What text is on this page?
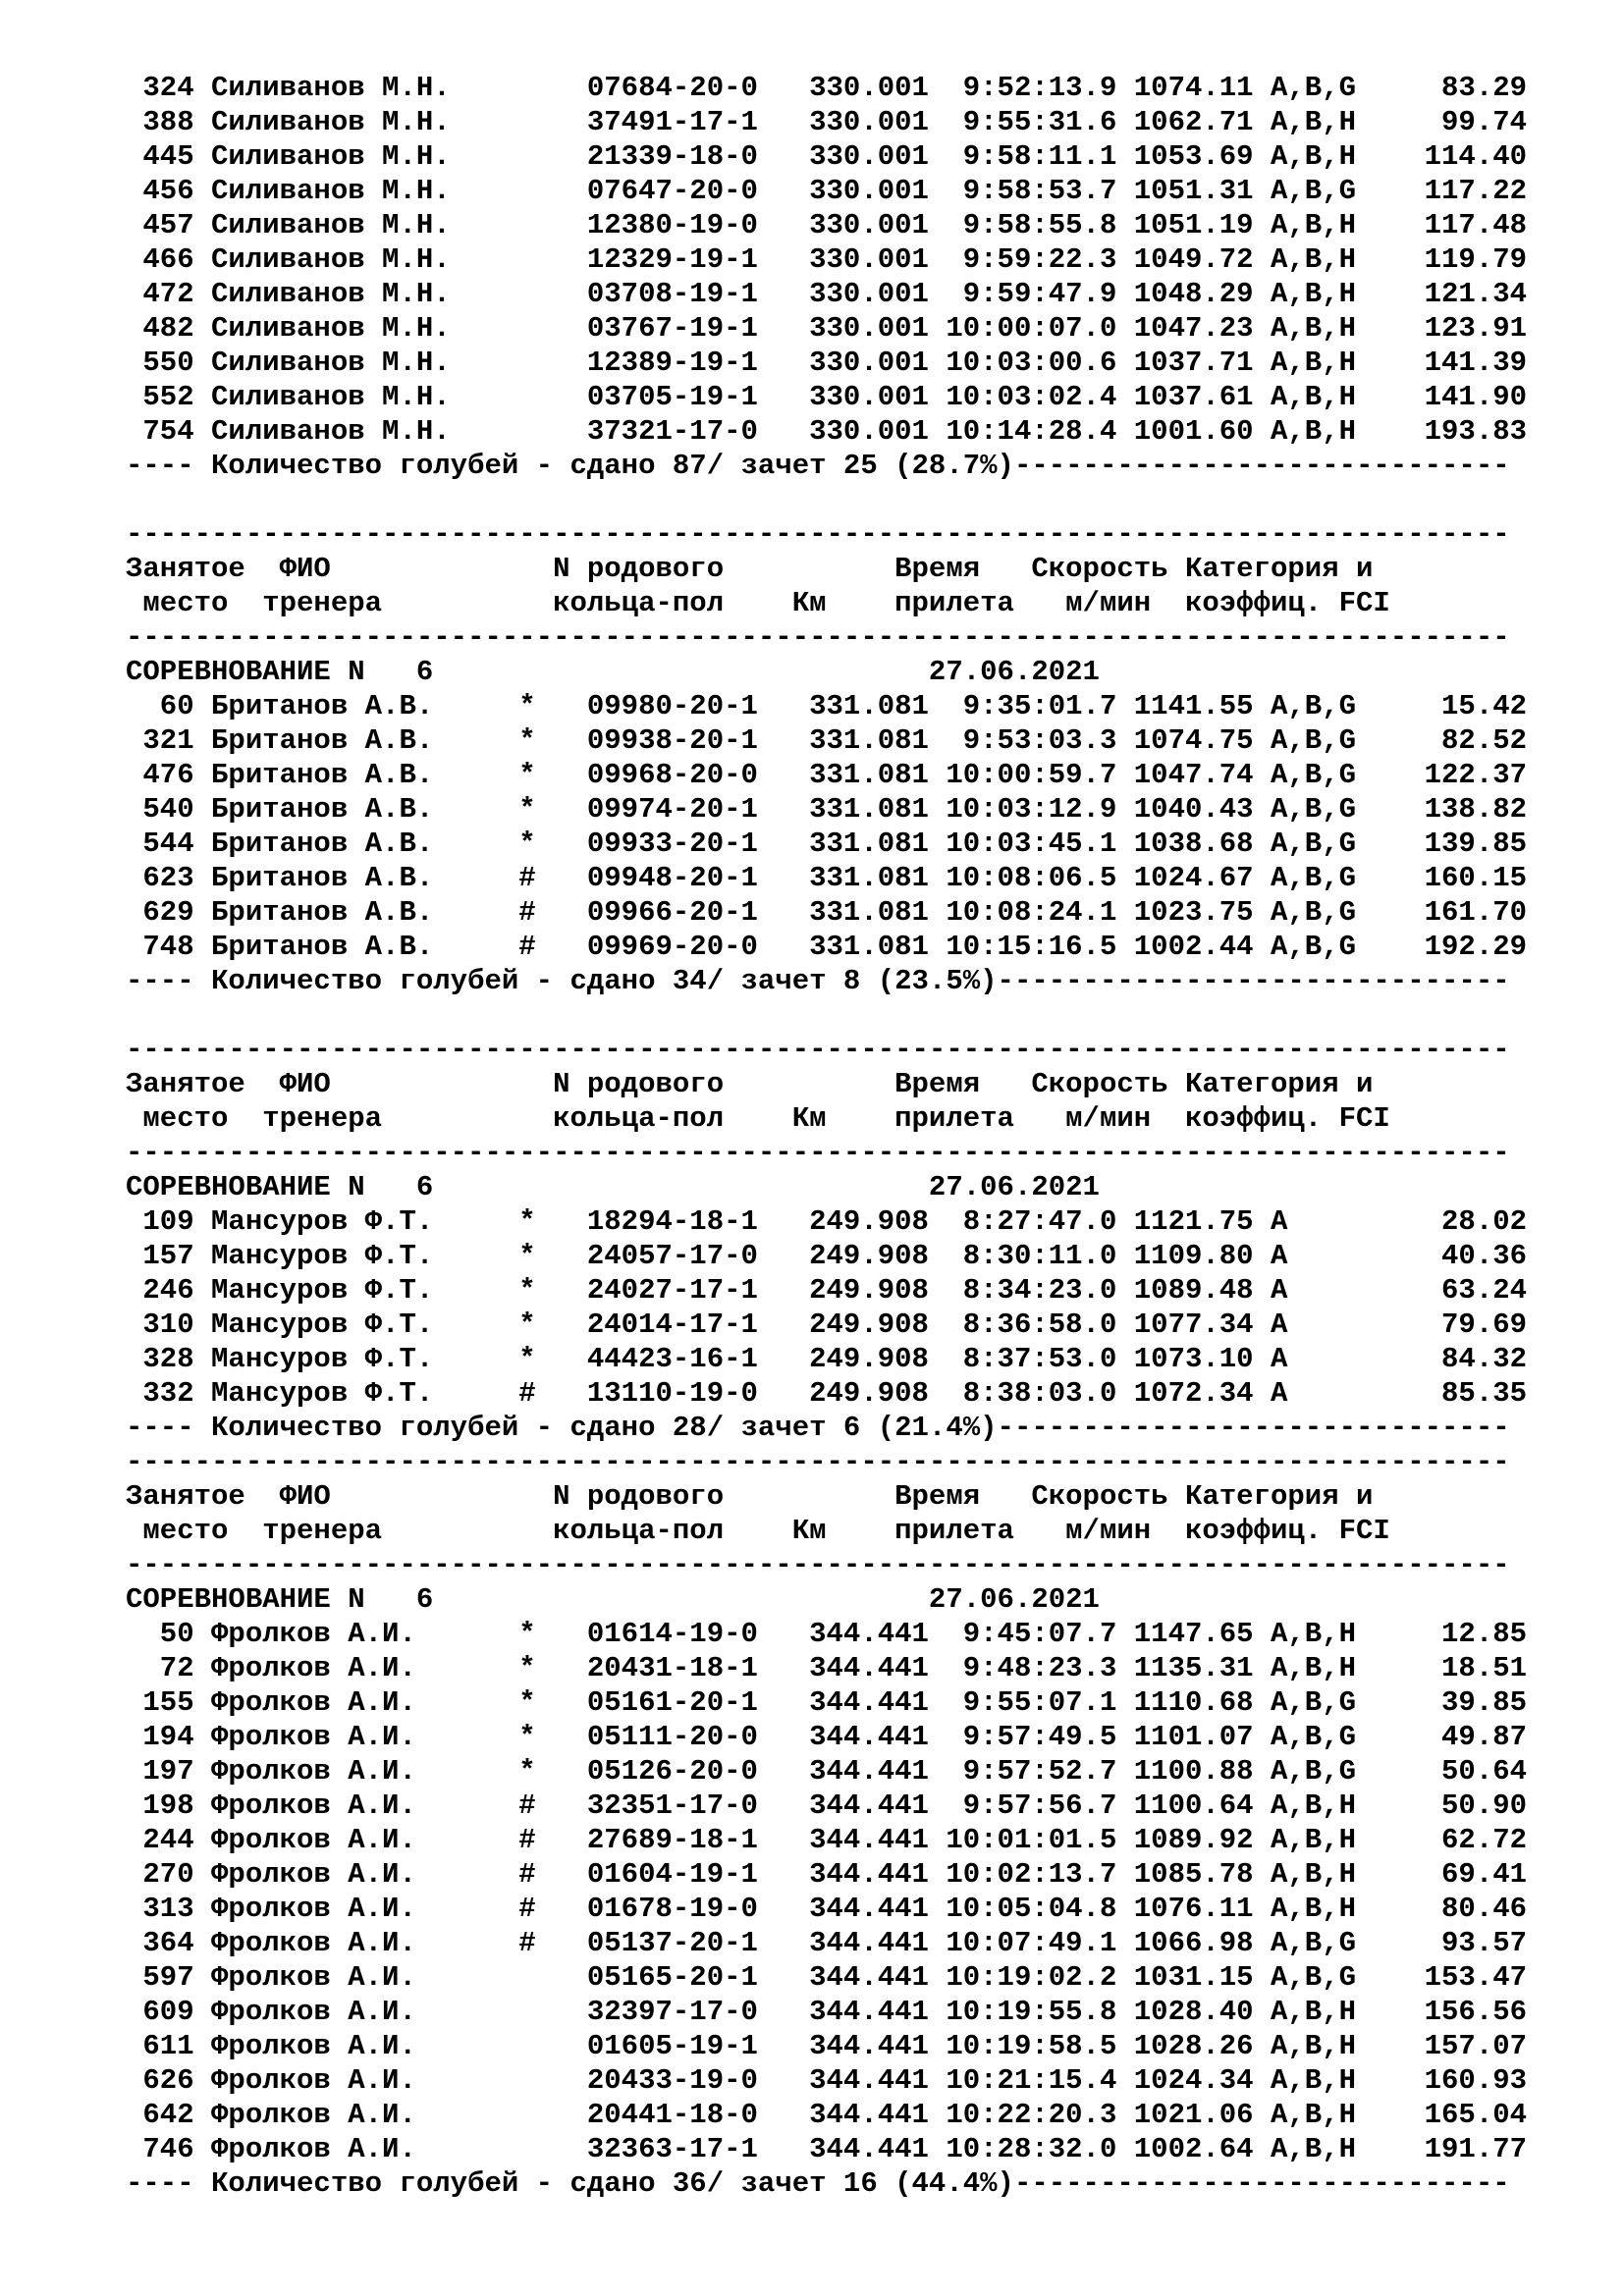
324 Силиванов М.Н.        07684-20-0   330.001  9:52:13.9 1074.11 A,B,G     83.29
388 Силиванов М.Н.        37491-17-1   330.001  9:55:31.6 1062.71 A,B,H     99.74
445 Силиванов М.Н.        21339-18-0   330.001  9:58:11.1 1053.69 A,B,H    114.40
456 Силиванов М.Н.        07647-20-0   330.001  9:58:53.7 1051.31 A,B,G    117.22
457 Силиванов М.Н.        12380-19-0   330.001  9:58:55.8 1051.19 A,B,H    117.48
466 Силиванов М.Н.        12329-19-1   330.001  9:59:22.3 1049.72 A,B,H    119.79
472 Силиванов М.Н.        03708-19-1   330.001  9:59:47.9 1048.29 A,B,H    121.34
482 Силиванов М.Н.        03767-19-1   330.001 10:00:07.0 1047.23 A,B,H    123.91
550 Силиванов М.Н.        12389-19-1   330.001 10:03:00.6 1037.71 A,B,H    141.39
552 Силиванов М.Н.        03705-19-1   330.001 10:03:02.4 1037.61 A,B,H    141.90
754 Силиванов М.Н.        37321-17-0   330.001 10:14:28.4 1001.60 A,B,H    193.83
---- Количество голубей - сдано 87/ зачет 25 (28.7%)-----------------------------
---------------------------------------------------------------------------------
Занятое  ФИО             N родового          Время   Скорость Категория и
место  тренера          кольца-пол    Км    прилета   м/мин  коэффиц. FCI
---------------------------------------------------------------------------------
СОРЕВНОВАНИЕ N   6                             27.06.2021
60 Британов А.В.     *   09980-20-1   331.081  9:35:01.7 1141.55 A,B,G     15.42
321 Британов А.В.     *   09938-20-1   331.081  9:53:03.3 1074.75 A,B,G     82.52
476 Британов А.В.     *   09968-20-0   331.081 10:00:59.7 1047.74 A,B,G    122.37
540 Британов А.В.     *   09974-20-1   331.081 10:03:12.9 1040.43 A,B,G    138.82
544 Британов А.В.     *   09933-20-1   331.081 10:03:45.1 1038.68 A,B,G    139.85
623 Британов А.В.     #   09948-20-1   331.081 10:08:06.5 1024.67 A,B,G    160.15
629 Британов А.В.     #   09966-20-1   331.081 10:08:24.1 1023.75 A,B,G    161.70
748 Британов А.В.     #   09969-20-0   331.081 10:15:16.5 1002.44 A,B,G    192.29
---- Количество голубей - сдано 34/ зачет 8 (23.5%)------------------------------
---------------------------------------------------------------------------------
Занятое  ФИО             N родового          Время   Скорость Категория и
место  тренера          кольца-пол    Км    прилета   м/мин  коэффиц. FCI
---------------------------------------------------------------------------------
СОРЕВНОВАНИЕ N   6                             27.06.2021
109 Мансуров Ф.Т.     *   18294-18-1   249.908  8:27:47.0 1121.75 A         28.02
157 Мансуров Ф.Т.     *   24057-17-0   249.908  8:30:11.0 1109.80 A         40.36
246 Мансуров Ф.Т.     *   24027-17-1   249.908  8:34:23.0 1089.48 A         63.24
310 Мансуров Ф.Т.     *   24014-17-1   249.908  8:36:58.0 1077.34 A         79.69
328 Мансуров Ф.Т.     *   44423-16-1   249.908  8:37:53.0 1073.10 A         84.32
332 Мансуров Ф.Т.     #   13110-19-0   249.908  8:38:03.0 1072.34 A         85.35
---- Количество голубей - сдано 28/ зачет 6 (21.4%)------------------------------
---------------------------------------------------------------------------------
Занятое  ФИО             N родового          Время   Скорость Категория и
место  тренера          кольца-пол    Км    прилета   м/мин  коэффиц. FCI
---------------------------------------------------------------------------------
СОРЕВНОВАНИЕ N   6                             27.06.2021
50 Фролков А.И.      *   01614-19-0   344.441  9:45:07.7 1147.65 A,B,H     12.85
72 Фролков А.И.      *   20431-18-1   344.441  9:48:23.3 1135.31 A,B,H     18.51
155 Фролков А.И.      *   05161-20-1   344.441  9:55:07.1 1110.68 A,B,G     39.85
194 Фролков А.И.      *   05111-20-0   344.441  9:57:49.5 1101.07 A,B,G     49.87
197 Фролков А.И.      *   05126-20-0   344.441  9:57:52.7 1100.88 A,B,G     50.64
198 Фролков А.И.      #   32351-17-0   344.441  9:57:56.7 1100.64 A,B,H     50.90
244 Фролков А.И.      #   27689-18-1   344.441 10:01:01.5 1089.92 A,B,H     62.72
270 Фролков А.И.      #   01604-19-1   344.441 10:02:13.7 1085.78 A,B,H     69.41
313 Фролков А.И.      #   01678-19-0   344.441 10:05:04.8 1076.11 A,B,H     80.46
364 Фролков А.И.      #   05137-20-1   344.441 10:07:49.1 1066.98 A,B,G     93.57
597 Фролков А.И.          05165-20-1   344.441 10:19:02.2 1031.15 A,B,G    153.47
609 Фролков А.И.          32397-17-0   344.441 10:19:55.8 1028.40 A,B,H    156.56
611 Фролков А.И.          01605-19-1   344.441 10:19:58.5 1028.26 A,B,H    157.07
626 Фролков А.И.          20433-19-0   344.441 10:21:15.4 1024.34 A,B,H    160.93
642 Фролков А.И.          20441-18-0   344.441 10:22:20.3 1021.06 A,B,H    165.04
746 Фролков А.И.          32363-17-1   344.441 10:28:32.0 1002.64 A,B,H    191.77
---- Количество голубей - сдано 36/ зачет 16 (44.4%)-----------------------------
